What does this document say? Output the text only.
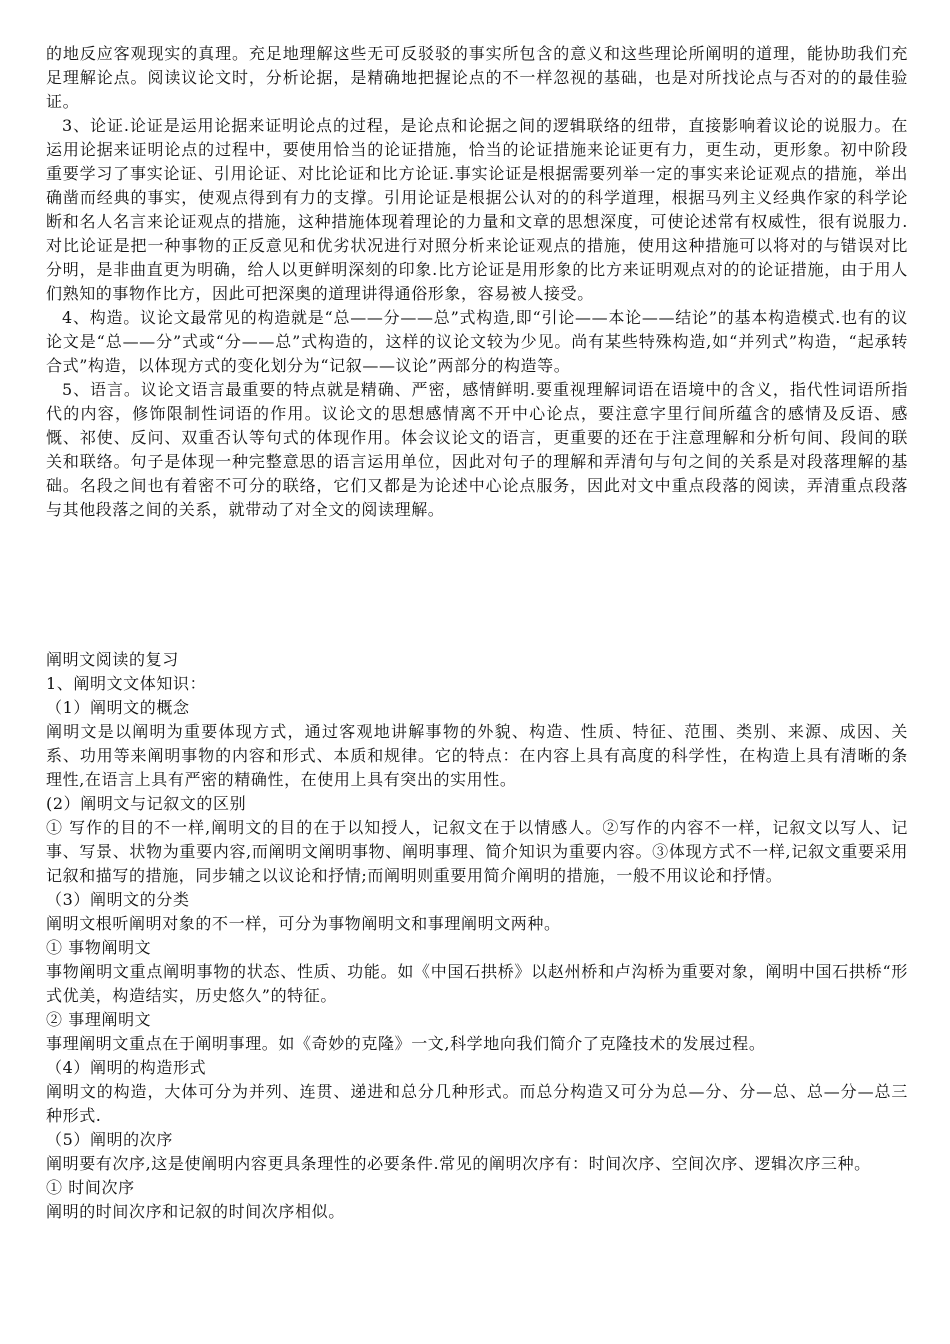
的地反应客观现实的真理。充足地理解这些无可反驳驳的事实所包含的意义和这些理论所阐明的道理，能协助我们充足理解论点。阅读议论文时，分析论据，是精确地把握论点的不一样忽视的基础，也是对所找论点与否对的的最佳验证。

3、论证.论证是运用论据来证明论点的过程，是论点和论据之间的逻辑联络的纽带，直接影响着议论的说服力。在运用论据来证明论点的过程中，要使用恰当的论证措施，恰当的论证措施来论证更有力，更生动，更形象。初中阶段重要学习了事实论证、引用论证、对比论证和比方论证.事实论证是根据需要列举一定的事实来论证观点的措施，举出确凿而经典的事实，使观点得到有力的支撑。引用论证是根据公认对的的科学道理，根据马列主义经典作家的科学论断和名人名言来论证观点的措施，这种措施体现着理论的力量和文章的思想深度，可使论述常有权威性，很有说服力.对比论证是把一种事物的正反意见和优劣状况进行对照分析来论证观点的措施，使用这种措施可以将对的与错误对比分明，是非曲直更为明确，给人以更鲜明深刻的印象.比方论证是用形象的比方来证明观点对的的论证措施，由于用人们熟知的事物作比方，因此可把深奥的道理讲得通俗形象，容易被人接受。

4、构造。议论文最常见的构造就是“总——分——总”式构造,即“引论——本论——结论”的基本构造模式.也有的议论文是“总——分”式或“分——总”式构造的，这样的议论文较为少见。尚有某些特殊构造,如“并列式”构造，“起承转合式”构造，以体现方式的变化划分为“记叙——议论”两部分的构造等。

5、语言。议论文语言最重要的特点就是精确、严密，感情鲜明.要重视理解词语在语境中的含义，指代性词语所指代的内容，修饰限制性词语的作用。议论文的思想感情离不开中心论点，要注意字里行间所蕴含的感情及反语、感慨、祁使、反问、双重否认等句式的体现作用。体会议论文的语言，更重要的还在于注意理解和分析句间、段间的联关和联络。句子是体现一种完整意思的语言运用单位，因此对句子的理解和弄清句与句之间的关系是对段落理解的基础。名段之间也有着密不可分的联络，它们又都是为论述中心论点服务，因此对文中重点段落的阅读，弄清重点段落与其他段落之间的关系，就带动了对全文的阅读理解。

阐明文阅读的复习

1、阐明文文体知识：

（1）阐明文的概念

阐明文是以阐明为重要体现方式，通过客观地讲解事物的外貌、构造、性质、特征、范围、类别、来源、成因、关系、功用等来阐明事物的内容和形式、本质和规律。它的特点：在内容上具有高度的科学性，在构造上具有清晰的条理性,在语言上具有严密的精确性，在使用上具有突出的实用性。

(2）阐明文与记叙文的区别

① 写作的目的不一样,阐明文的目的在于以知授人，记叙文在于以情感人。②写作的内容不一样，记叙文以写人、记事、写景、状物为重要内容,而阐明文阐明事物、阐明事理、简介知识为重要内容。③体现方式不一样,记叙文重要采用记叙和描写的措施，同步辅之以议论和抒情;而阐明则重要用简介阐明的措施，一般不用议论和抒情。

（3）阐明文的分类

阐明文根听阐明对象的不一样，可分为事物阐明文和事理阐明文两种。

① 事物阐明文

事物阐明文重点阐明事物的状态、性质、功能。如《中国石拱桥》以赵州桥和卢沟桥为重要对象，阐明中国石拱桥“形式优美，构造结实，历史悠久”的特征。

② 事理阐明文

事理阐明文重点在于阐明事理。如《奇妙的克隆》一文,科学地向我们简介了克隆技术的发展过程。

（4）阐明的构造形式

阐明文的构造，大体可分为并列、连贯、递进和总分几种形式。而总分构造又可分为总—分、分—总、总—分—总三种形式.

（5）阐明的次序

阐明要有次序,这是使阐明内容更具条理性的必要条件.常见的阐明次序有：时间次序、空间次序、逻辑次序三种。

① 时间次序

阐明的时间次序和记叙的时间次序相似。
